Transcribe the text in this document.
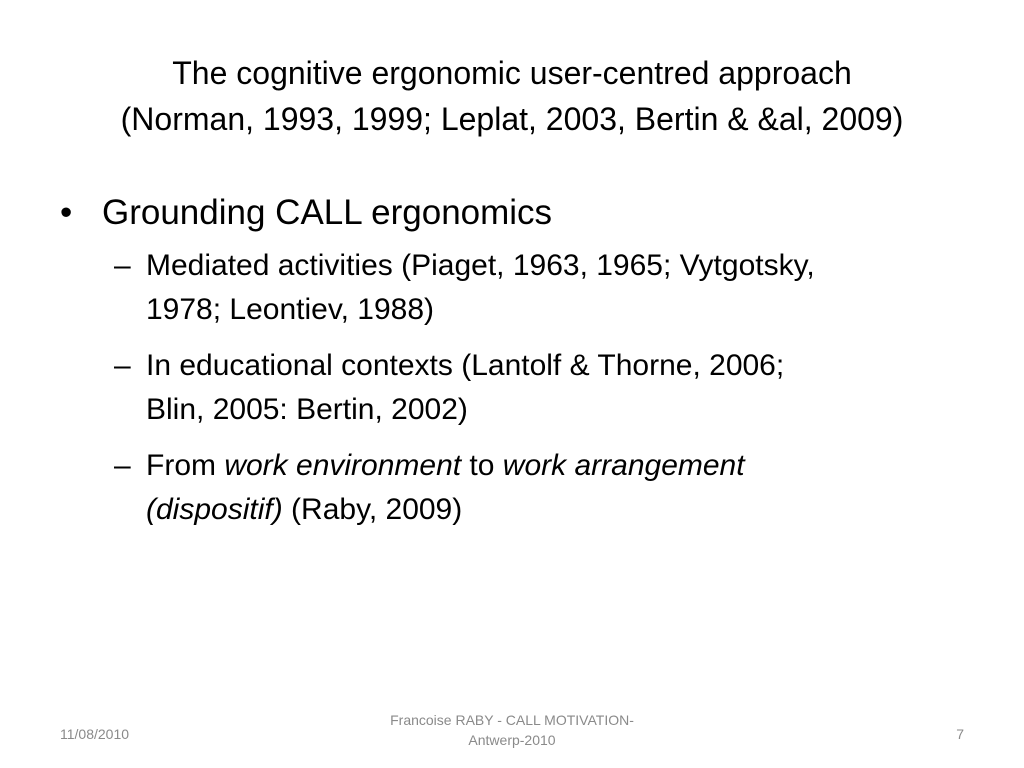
The cognitive ergonomic user-centred approach
(Norman, 1993, 1999; Leplat, 2003, Bertin & &al, 2009)
• Grounding CALL ergonomics
– Mediated activities (Piaget, 1963, 1965; Vytgotsky,
1978; Leontiev, 1988)
– In educational contexts (Lantolf & Thorne, 2006;
Blin, 2005: Bertin, 2002)
– From work environment to work arrangement
(dispositif) (Raby, 2009)
11/08/2010
Francoise RABY - CALL MOTIVATION-
Antwerp-2010	7
